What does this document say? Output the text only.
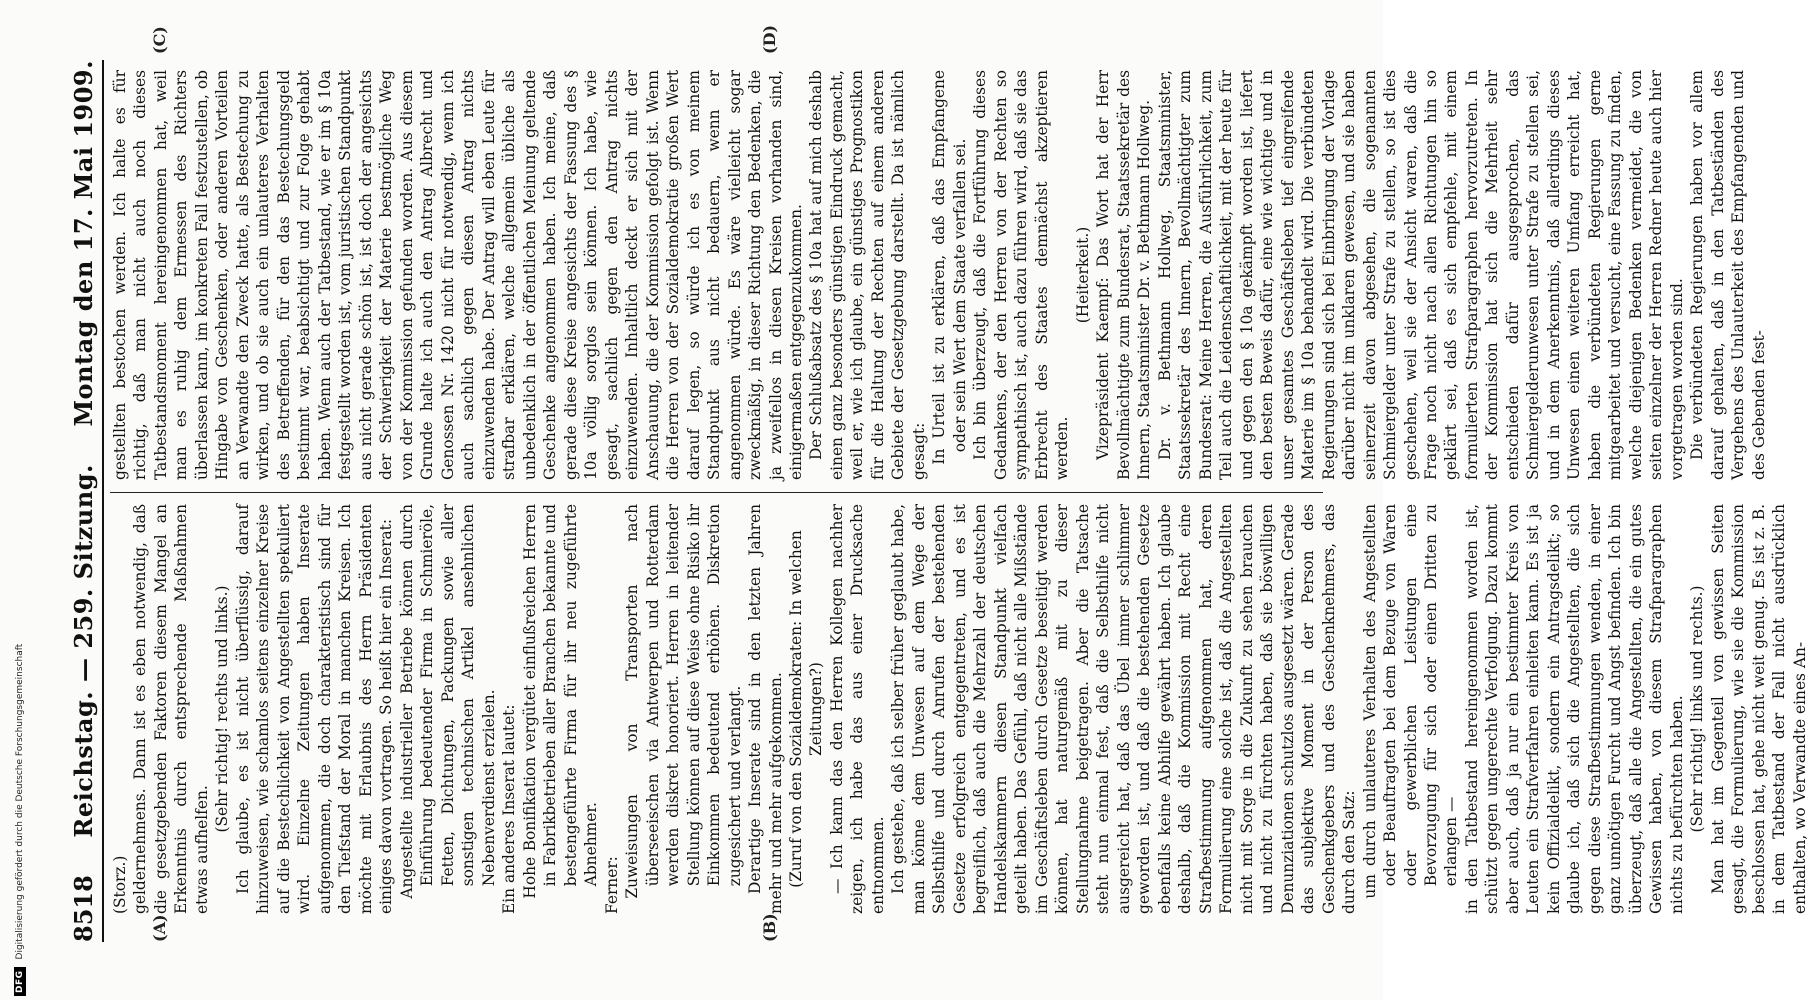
DFG
Digitalisierung gefördert durch die Deutsche Forschungsgemeinschaft 8518
Reichstag. — 259. Sitzung.
Montag den 17. Mai 1909.
(A)	(B)
(C)	(D)

(Storz.) geldernehmens. Dann ist es eben notwendig, daß die gesetzgebenden Faktoren diesem Mangel an Erkenntnis durch entsprechende Maßnahmen etwas aufhelfen.

(Sehr richtig! rechts und links.) Ich glaube, es ist nicht überflüssig, darauf hinzuweisen, wie schamlos seitens einzelner Kreise auf die Bestechlichkeit von Angestellten spekuliert wird. Einzelne Zeitungen haben Inserate aufgenommen, die doch charakteristisch sind für den Tiefstand der Moral in manchen Kreisen. Ich möchte mit Erlaubnis des Herrn Präsidenten einiges davon vortragen. So heißt hier ein Inserat: Angestellte industrieller Betriebe können durch Einführung bedeutender Firma in Schmieröle, Fetten, Dichtungen, Packungen sowie aller sonstigen technischen Artikel ansehnlichen Nebenverdienst erzielen. Ein anderes Inserat lautet: Hohe Bonifikation vergütet einflußreichen Herren in Fabrikbetrieben aller Branchen bekannte und bestengeführte Firma für ihr neu zugeführte Abnehmer. Ferner: Zuweisungen von Transporten nach überseeischen via Antwerpen und Rotterdam werden diskret honoriert. Herren in leitender Stellung können auf diese Weise ohne Risiko ihr Einkommen bedeutend erhöhen. Diskretion zugesichert und verlangt. Derartige Inserate sind in den letzten Jahren mehr und mehr aufgekommen. (Zuruf von den Sozialdemokraten: In welchen Zeitungen?) — Ich kann das den Herren Kollegen nachher zeigen, ich habe das aus einer Drucksache entnommen. Ich gestehe, daß ich selber früher geglaubt habe, man könne dem Unwesen auf dem Wege der Selbsthilfe und durch Anrufen der bestehenden Gesetze erfolgreich entgegentreten, und es ist begreiflich, daß auch die Mehrzahl der deutschen Handelskammern diesen Standpunkt vielfach geteilt haben. Das Gefühl, daß nicht alle Mißstände im Geschäftsleben durch Gesetze beseitigt werden können, hat naturgemäß mit zu dieser Stellungnahme beigetragen. Aber die Tatsache steht nun einmal fest, daß die Selbsthilfe nicht ausgereicht hat, daß das Übel immer schlimmer geworden ist, und daß die bestehenden Gesetze ebenfalls keine Abhilfe gewährt haben. Ich glaube deshalb, daß die Kommission mit Recht eine Strafbestimmung aufgenommen hat, deren Formulierung eine solche ist, daß die Angestellten nicht mit Sorge in die Zukunft zu sehen brauchen und nicht zu fürchten haben, daß sie böswilligen Denunziationen schutzlos ausgesetzt wären. Gerade das subjektive Moment in der Person des Geschenkgebers und des Geschenknehmers, das durch den Satz: um durch unlauteres Verhalten des Angestellten oder Beauftragten bei dem Bezuge von Waren oder gewerblichen Leistungen eine Bevorzugung für sich oder einen Dritten zu erlangen — in den Tatbestand hereingenommen worden ist, schützt gegen ungerechte Verfolgung. Dazu kommt aber auch, daß ja nur ein bestimmter Kreis von Leuten ein Strafverfahren einleiten kann. Es ist ja kein Offizialdelikt, sondern ein Antragsdelikt; so glaube ich, daß sich die Angestellten, die sich gegen diese Strafbestimmungen wenden, in einer ganz unnötigen Furcht und Angst befinden. Ich bin überzeugt, daß alle die Angestellten, die ein gutes Gewissen haben, von diesem Strafparagraphen nichts zu befürchten haben. (Sehr richtig! links und rechts.) Man hat im Gegenteil von gewissen Seiten gesagt, die Formulierung, wie sie die Kommission beschlossen hat, gehe nicht weit genug. Es ist z. B. in dem Tatbestand der Fall nicht ausdrücklich enthalten, wo Verwandte eines An-

gestellten bestochen werden. Ich halte es für richtig, daß man nicht auch noch dieses Tatbestandsmoment hereingenommen hat, weil man es ruhig dem Ermessen des Richters überlassen kann, im konkreten Fall festzustellen, ob Hingabe von Geschenken, oder anderen Vorteilen an Verwandte den Zweck hatte, als Bestechung zu wirken, und ob sie auch ein unlauteres Verhalten des Betreffenden, für den das Bestechungsgeld bestimmt war, beabsichtigt und zur Folge gehabt haben. Wenn auch der Tatbestand, wie er im § 10a festgestellt worden ist, vom juristischen Standpunkt aus nicht gerade schön ist, ist doch der angesichts der Schwierigkeit der Materie bestmögliche Weg von der Kommission gefunden worden. Aus diesem Grunde halte ich auch den Antrag Albrecht und Genossen Nr. 1420 nicht für notwendig, wenn ich auch sachlich gegen diesen Antrag nichts einzuwenden habe. Der Antrag will eben Leute für strafbar erklären, welche allgemein übliche als unbedenklich in der öffentlichen Meinung geltende Geschenke angenommen haben. Ich meine, daß gerade diese Kreise angesichts der Fassung des § 10a völlig sorglos sein können. Ich habe, wie gesagt, sachlich gegen den Antrag nichts einzuwenden. Inhaltlich deckt er sich mit der Anschauung, die der Kommission gefolgt ist. Wenn die Herren von der Sozialdemokratie großen Wert darauf legen, so würde ich es von meinem Standpunkt aus nicht bedauern, wenn er angenommen würde. Es wäre vielleicht sogar zweckmäßig, in dieser Richtung den Bedenken, die ja zweifellos in diesen Kreisen vorhanden sind, einigermaßen entgegenzukommen. Der Schlußabsatz des § 10a hat auf mich deshalb einen ganz besonders günstigen Eindruck gemacht, weil er, wie ich glaube, ein günstiges Prognostikon für die Haltung der Rechten auf einem anderen Gebiete der Gesetzgebung darstellt. Da ist nämlich gesagt: In Urteil ist zu erklären, daß das Empfangene oder sein Wert dem Staate verfallen sei. Ich bin überzeugt, daß die Fortführung dieses Gedankens, der den Herren von der Rechten so sympathisch ist, auch dazu führen wird, daß sie das Erbrecht des Staates demnächst akzeptieren werden.

(Heiterkeit.) Vizepräsident Kaempf: Das Wort hat der Herr Bevollmächtigte zum Bundesrat, Staatssekretär des Innern, Staatsminister Dr. v. Bethmann Hollweg. Dr. v. Bethmann Hollweg, Staatsminister, Staatssekretär des Innern, Bevollmächtigter zum Bundesrat: Meine Herren, die Ausführlichkeit, zum Teil auch die Leidenschaftlichkeit, mit der heute für und gegen den § 10a gekämpft worden ist, liefert den besten Beweis dafür, eine wie wichtige und in unser gesamtes Geschäftsleben tief eingreifende Materie im § 10a behandelt wird. Die verbündeten Regierungen sind sich bei Einbringung der Vorlage darüber nicht im unklaren gewesen, und sie haben seinerzeit davon abgesehen, die sogenannten Schmiergelder unter Strafe zu stellen, so ist dies geschehen, weil sie der Ansicht waren, daß die Frage noch nicht nach allen Richtungen hin so geklärt sei, daß es sich empfehle, mit einem formulierten Strafparagraphen hervorzutreten. In der Kommission hat sich die Mehrheit sehr entschieden dafür ausgesprochen, das Schmiergelderunwesen unter Strafe zu stellen sei, und in dem Anerkenntnis, daß allerdings dieses Unwesen einen weiteren Umfang erreicht hat, haben die verbündeten Regierungen gerne mitgearbeitet und versucht, eine Fassung zu finden, welche diejenigen Bedenken vermeidet, die von seiten einzelner der Herren Redner heute auch hier vorgetragen worden sind. Die verbündeten Regierungen haben vor allem darauf gehalten, daß in den Tatbeständen des Vergehens des Unlauterkeit des Empfangenden und des Gebenden fest-
